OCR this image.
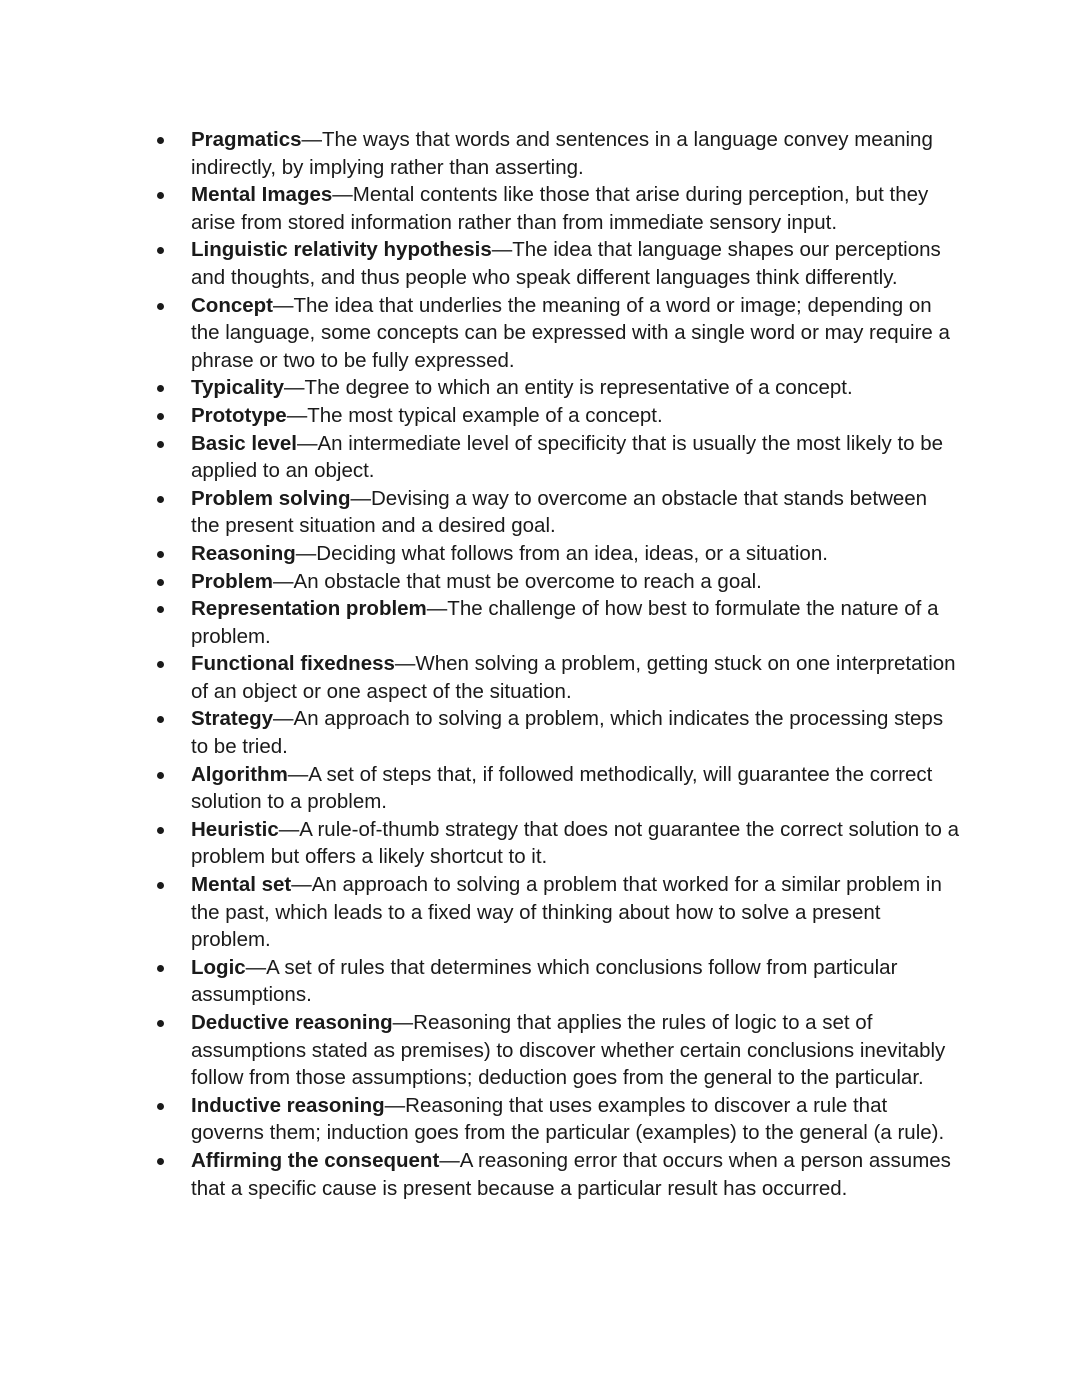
Pragmatics—The ways that words and sentences in a language convey meaning indirectly, by implying rather than asserting.
Mental Images—Mental contents like those that arise during perception, but they arise from stored information rather than from immediate sensory input.
Linguistic relativity hypothesis—The idea that language shapes our perceptions and thoughts, and thus people who speak different languages think differently.
Concept—The idea that underlies the meaning of a word or image; depending on the language, some concepts can be expressed with a single word or may require a phrase or two to be fully expressed.
Typicality—The degree to which an entity is representative of a concept.
Prototype—The most typical example of a concept.
Basic level—An intermediate level of specificity that is usually the most likely to be applied to an object.
Problem solving—Devising a way to overcome an obstacle that stands between the present situation and a desired goal.
Reasoning—Deciding what follows from an idea, ideas, or a situation.
Problem—An obstacle that must be overcome to reach a goal.
Representation problem—The challenge of how best to formulate the nature of a problem.
Functional fixedness—When solving a problem, getting stuck on one interpretation of an object or one aspect of the situation.
Strategy—An approach to solving a problem, which indicates the processing steps to be tried.
Algorithm—A set of steps that, if followed methodically, will guarantee the correct solution to a problem.
Heuristic—A rule-of-thumb strategy that does not guarantee the correct solution to a problem but offers a likely shortcut to it.
Mental set—An approach to solving a problem that worked for a similar problem in the past, which leads to a fixed way of thinking about how to solve a present problem.
Logic—A set of rules that determines which conclusions follow from particular assumptions.
Deductive reasoning—Reasoning that applies the rules of logic to a set of assumptions stated as premises) to discover whether certain conclusions inevitably follow from those assumptions; deduction goes from the general to the particular.
Inductive reasoning—Reasoning that uses examples to discover a rule that governs them; induction goes from the particular (examples) to the general (a rule).
Affirming the consequent—A reasoning error that occurs when a person assumes that a specific cause is present because a particular result has occurred.
